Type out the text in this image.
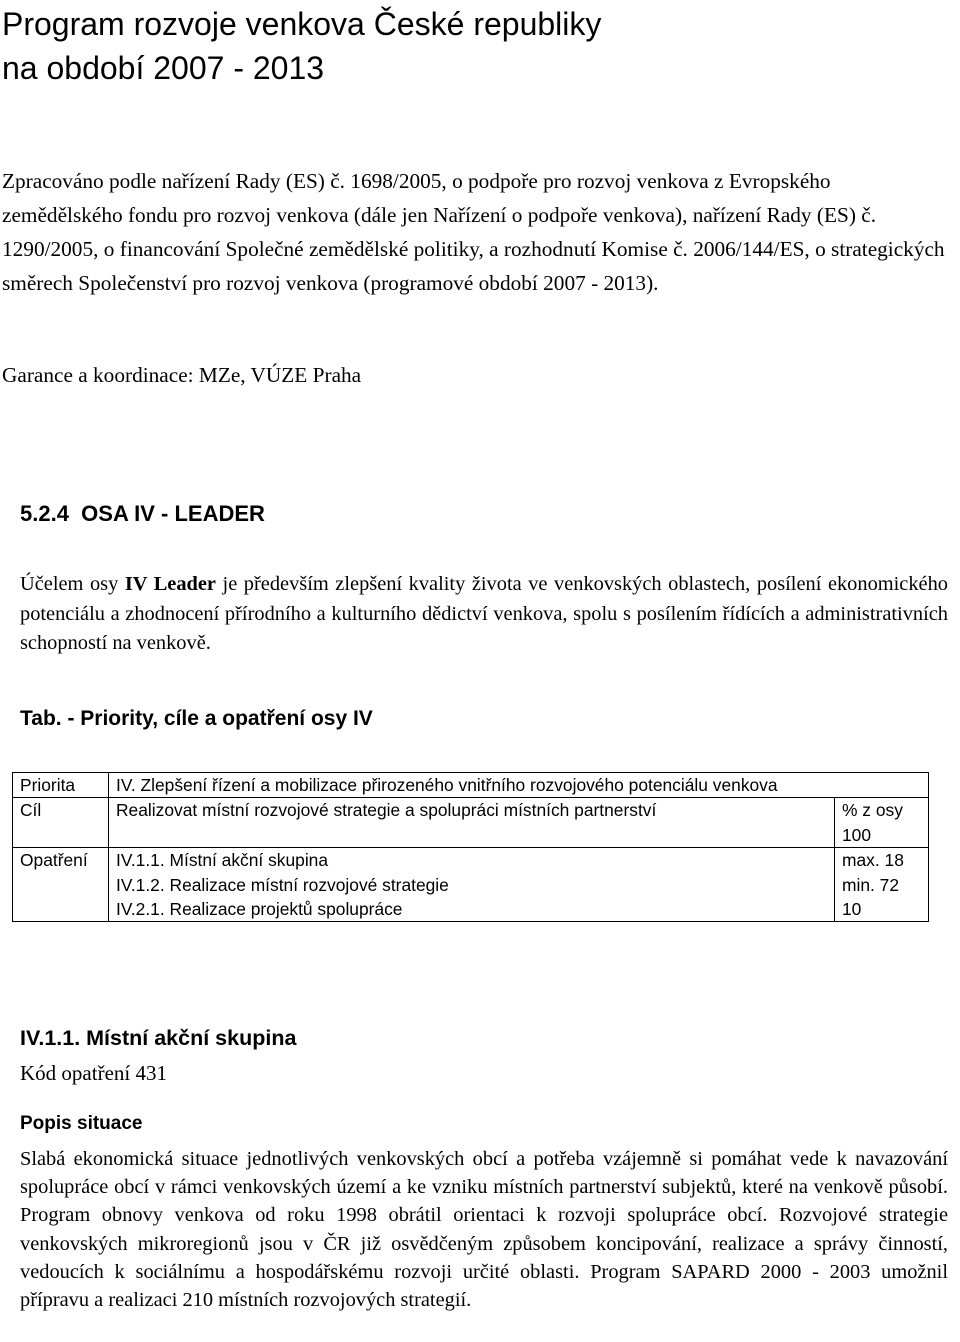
Program rozvoje venkova České republiky
na období 2007 - 2013

Zpracováno podle nařízení Rady (ES) č. 1698/2005, o podpoře pro rozvoj venkova z Evropského zemědělského fondu pro rozvoj venkova (dále jen Nařízení o podpoře venkova), nařízení Rady (ES) č. 1290/2005, o financování Společné zemědělské politiky, a rozhodnutí Komise č. 2006/144/ES, o strategických směrech Společenství pro rozvoj venkova (programové období 2007 - 2013).

Garance a koordinace: MZe, VÚZE Praha

5.2.4 OSA IV - LEADER

Účelem osy IV Leader je především zlepšení kvality života ve venkovských oblastech, posílení ekonomického potenciálu a zhodnocení přírodního a kulturního dědictví venkova, spolu s posílením řídících a administrativních schopností na venkově.

Tab. - Priority, cíle a opatření osy IV
Priorita	IV. Zlepšení řízení a mobilizace přirozeného vnitřního rozvojového potenciálu venkova	
Cíl	Realizovat místní rozvojové strategie a spolupráci místních partnerství	% z osy 100
Opatření	IV.1.1. Místní akční skupina	max. 18
	IV.1.2. Realizace místní rozvojové strategie	min. 72
	IV.2.1. Realizace projektů spolupráce	10
IV.1.1. Místní akční skupina

Kód opatření 431

Popis situace

Slabá ekonomická situace jednotlivých venkovských obcí a potřeba vzájemně si pomáhat vede k navazování spolupráce obcí v rámci venkovských území a ke vzniku místních partnerství subjektů, které na venkově působí. Program obnovy venkova od roku 1998 obrátil orientaci k rozvoji spolupráce obcí. Rozvojové strategie venkovských mikroregionů jsou v ČR již osvědčeným způsobem koncipování, realizace a správy činností, vedoucích k sociálnímu a hospodářskému rozvoji určité oblasti. Program SAPARD 2000 - 2003 umožnil přípravu a realizaci 210 místních rozvojových strategií.
